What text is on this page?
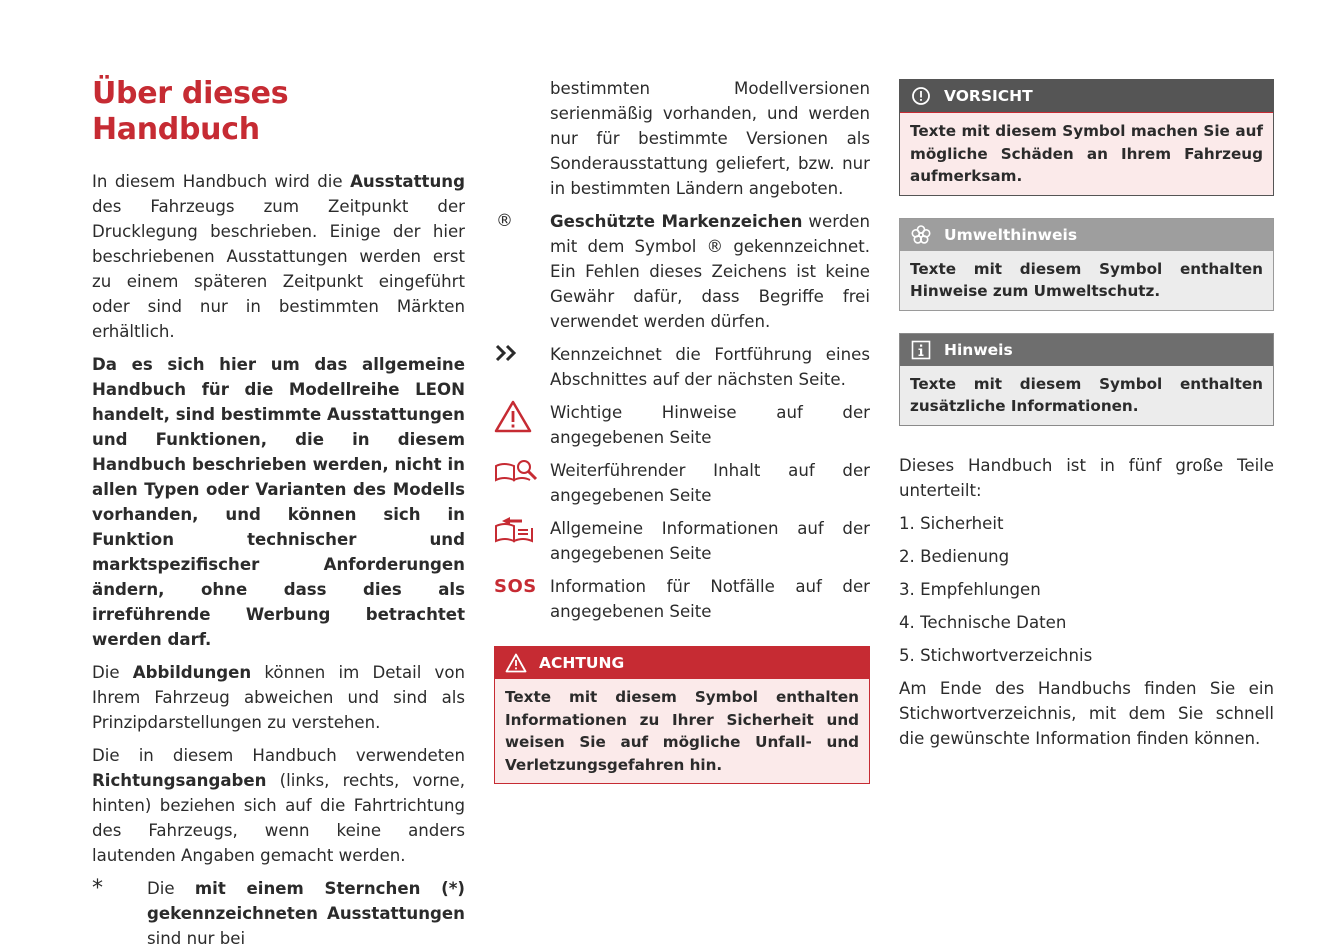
Über dieses Handbuch

In diesem Handbuch wird die Ausstattung des Fahrzeugs zum Zeitpunkt der Drucklegung beschrieben. Einige der hier beschriebenen Ausstattungen werden erst zu einem späteren Zeitpunkt eingeführt oder sind nur in bestimmten Märkten erhältlich.

Da es sich hier um das allgemeine Handbuch für die Modellreihe LEON handelt, sind bestimmte Ausstattungen und Funktionen, die in diesem Handbuch beschrieben werden, nicht in allen Typen oder Varianten des Modells vorhanden, und können sich in Funktion technischer und marktspezifischer Anforderungen ändern, ohne dass dies als irreführende Werbung betrachtet werden darf.

Die Abbildungen können im Detail von Ihrem Fahrzeug abweichen und sind als Prinzipdarstellungen zu verstehen.

Die in diesem Handbuch verwendeten Richtungsangaben (links, rechts, vorne, hinten) beziehen sich auf die Fahrtrichtung des Fahrzeugs, wenn keine anders lautenden Angaben gemacht werden.

*	Die mit einem Sternchen (*) gekennzeichneten Ausstattungen sind nur bei
bestimmten Modellversionen serienmäßig vorhanden, und werden nur für bestimmte Versionen als Sonderausstattung geliefert, bzw. nur in bestimmten Ländern angeboten.
® Geschützte Markenzeichen werden mit dem Symbol ® gekennzeichnet. Ein Fehlen dieses Zeichens ist keine Gewähr dafür, dass Begriffe frei verwendet werden dürfen.
Kennzeichnet die Fortführung eines Abschnittes auf der nächsten Seite.
Wichtige Hinweise auf der angegebenen Seite
Weiterführender Inhalt auf der angegebenen Seite
Allgemeine Informationen auf der angegebenen Seite
SOS Information für Notfälle auf der angegebenen Seite
ACHTUNG
Texte mit diesem Symbol enthalten Informationen zu Ihrer Sicherheit und weisen Sie auf mögliche Unfall- und Verletzungsgefahren hin.
VORSICHT
Texte mit diesem Symbol machen Sie auf mögliche Schäden an Ihrem Fahrzeug aufmerksam.
Umwelthinweis
Texte mit diesem Symbol enthalten Hinweise zum Umweltschutz.
Hinweis
Texte mit diesem Symbol enthalten zusätzliche Informationen.

Dieses Handbuch ist in fünf große Teile unterteilt:

1. Sicherheit
2. Bedienung
3. Empfehlungen
4. Technische Daten
5. Stichwortverzeichnis

Am Ende des Handbuchs finden Sie ein Stichwortverzeichnis, mit dem Sie schnell die gewünschte Information finden können.
